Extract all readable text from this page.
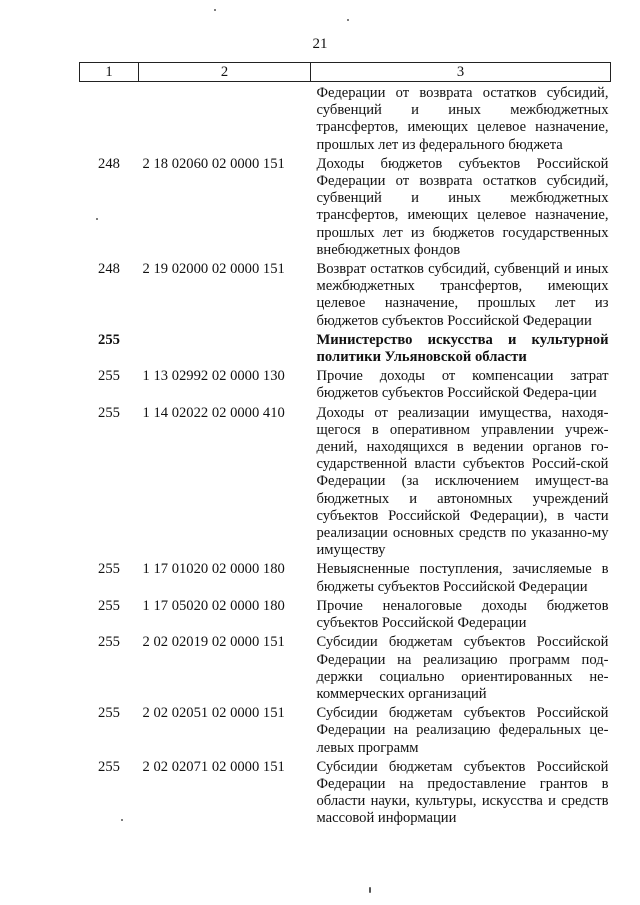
21
1	2	3
		Федерации от возврата остатков субсидий, субвенций и иных межбюджетных трансфертов, имеющих целевое назначение, прошлых лет из федерального бюджета
248	2 18 02060 02 0000 151	Доходы бюджетов субъектов Российской Федерации от возврата остатков субсидий, субвенций и иных межбюджетных трансфертов, имеющих целевое назначение, прошлых лет из бюджетов государственных внебюджетных фондов
248	2 19 02000 02 0000 151	Возврат остатков субсидий, субвенций и иных межбюджетных трансфертов, имеющих целевое назначение, прошлых лет из бюджетов субъектов Российской Федерации
255		Министерство искусства и культурной политики Ульяновской области
255	1 13 02992 02 0000 130	Прочие доходы от компенсации затрат бюджетов субъектов Российской Федера-ции
255	1 14 02022 02 0000 410	Доходы от реализации имущества, находя-щегося в оперативном управлении учреж-дений, находящихся в ведении органов го-сударственной власти субъектов Россий-ской Федерации (за исключением имущест-ва бюджетных и автономных учреждений субъектов Российской Федерации), в части реализации основных средств по указанно-му имуществу
255	1 17 01020 02 0000 180	Невыясненные поступления, зачисляемые в бюджеты субъектов Российской Федерации
255	1 17 05020 02 0000 180	Прочие неналоговые доходы бюджетов субъектов Российской Федерации
255	2 02 02019 02 0000 151	Субсидии бюджетам субъектов Российской Федерации на реализацию программ под-держки социально ориентированных не-коммерческих организаций
255	2 02 02051 02 0000 151	Субсидии бюджетам субъектов Российской Федерации на реализацию федеральных це-левых программ
255	2 02 02071 02 0000 151	Субсидии бюджетам субъектов Российской Федерации на предоставление грантов в области науки, культуры, искусства и средств массовой информации
